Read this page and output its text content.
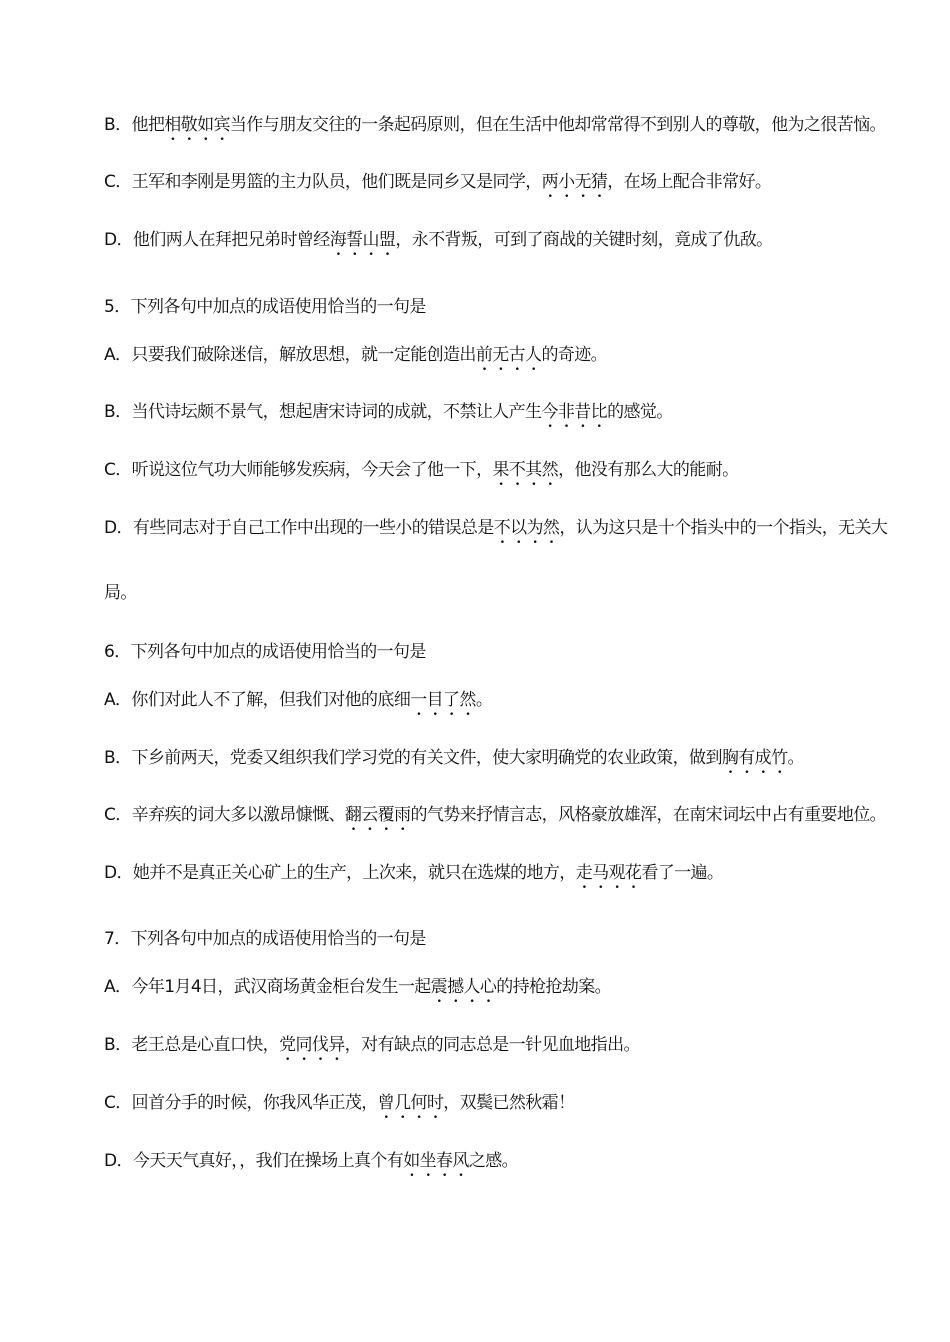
B．他把相敬如宾当作与朋友交往的一条起码原则，但在生活中他却常常得不到别人的尊敬，他为之很苦恼。
C．王军和李刚是男篮的主力队员，他们既是同乡又是同学，两小无猜，在场上配合非常好。
D．他们两人在拜把兄弟时曾经海誓山盟，永不背叛，可到了商战的关键时刻，竟成了仇敌。
5．下列各句中加点的成语使用恰当的一句是
A．只要我们破除迷信，解放思想，就一定能创造出前无古人的奇迹。
B．当代诗坛颇不景气，想起唐宋诗词的成就，不禁让人产生今非昔比的感觉。
C．听说这位气功大师能够发疾病，今天会了他一下，果不其然，他没有那么大的能耐。
D．有些同志对于自己工作中出现的一些小的错误总是不以为然，认为这只是十个指头中的一个指头，无关大
局。
6．下列各句中加点的成语使用恰当的一句是
A．你们对此人不了解，但我们对他的底细一目了然。
B．下乡前两天，党委又组织我们学习党的有关文件，使大家明确党的农业政策，做到胸有成竹。
C．辛弃疾的词大多以激昂慷慨、翻云覆雨的气势来抒情言志，风格豪放雄浑，在南宋词坛中占有重要地位。
D．她并不是真正关心矿上的生产，上次来，就只在选煤的地方，走马观花看了一遍。
7．下列各句中加点的成语使用恰当的一句是
A．今年1月4日，武汉商场黄金柜台发生一起震撼人心的持枪抢劫案。
B．老王总是心直口快，党同伐异，对有缺点的同志总是一针见血地指出。
C．回首分手的时候，你我风华正茂，曾几何时，双鬓已然秋霜！
D．今天天气真好，，我们在操场上真个有如坐春风之感。
